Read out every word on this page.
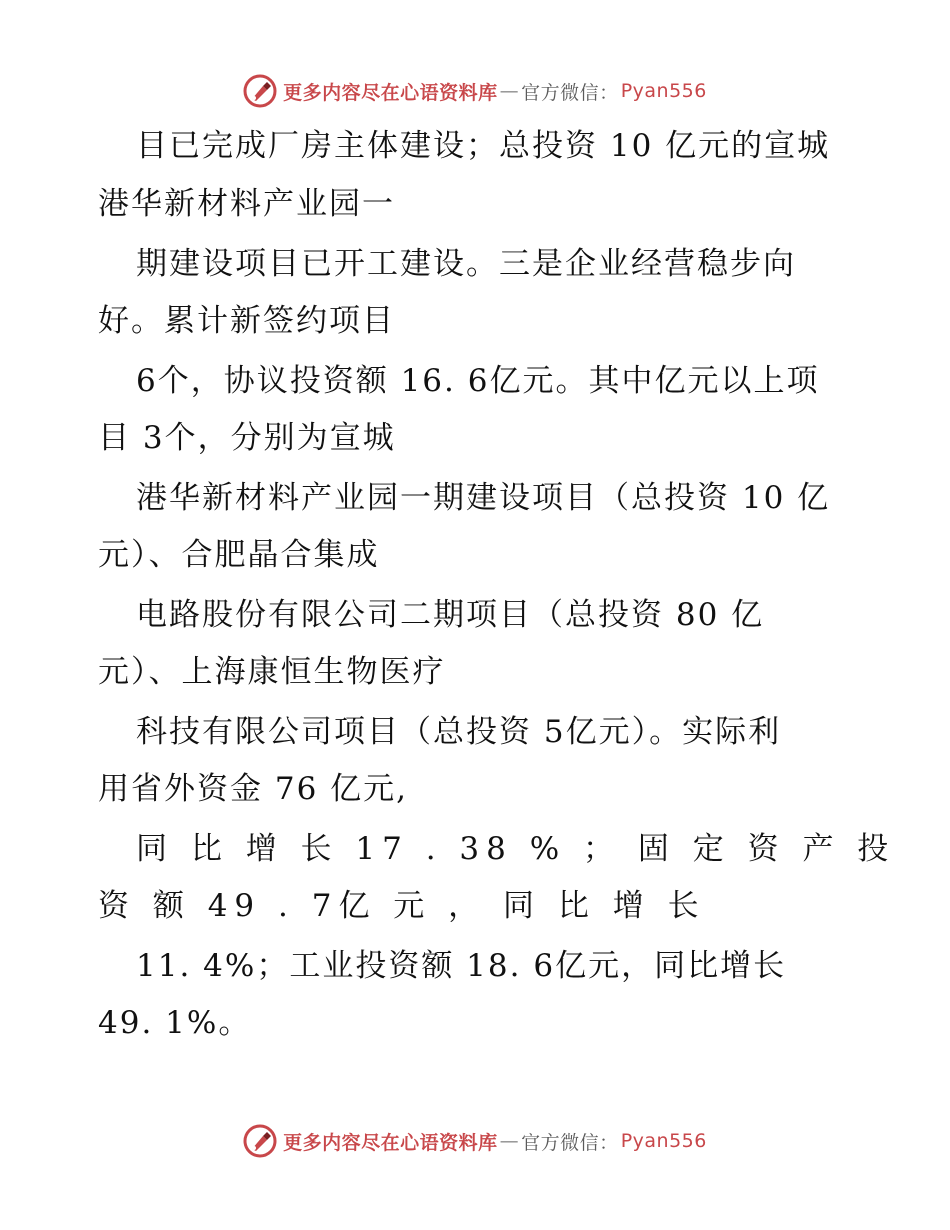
更多内容尽在心语资料库 — 官方微信： Pyan556
目已完成厂房主体建设；总投资 10 亿元的宣城
港华新材料产业园一
期建设项目已开工建设。三是企业经营稳步向
好。累计新签约项目
6个，协议投资额 16. 6亿元。其中亿元以上项
目 3个，分别为宣城
港华新材料产业园一期建设项目（总投资 10 亿
元）、合肥晶合集成
电路股份有限公司二期项目（总投资 80 亿
元）、上海康恒生物医疗
科技有限公司项目（总投资 5亿元）。实际利
用省外资金 76 亿元,
同 比 增 长 17 . 38 % ； 固 定 资 产 投
资 额 49 . 7亿 元 ， 同 比 增 长
11. 4%；工业投资额 18. 6亿元，同比增长
49. 1%。
更多内容尽在心语资料库 — 官方微信： Pyan556
